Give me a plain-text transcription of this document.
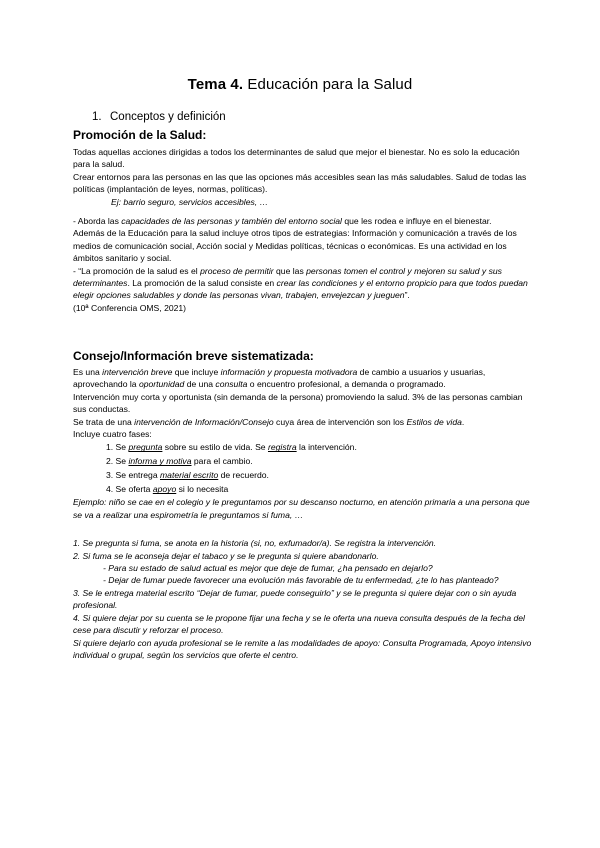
Tema 4. Educación para la Salud
1. Conceptos y definición
Promoción de la Salud:

Todas aquellas acciones dirigidas a todos los determinantes de salud que mejor el bienestar. No es solo la educación para la salud.

Crear entornos para las personas en las que las opciones más accesibles sean las más saludables. Salud de todas las políticas (implantación de leyes, normas, políticas).

Ej: barrio seguro, servicios accesibles, …

- Aborda las capacidades de las personas y también del entorno social que les rodea e influye en el bienestar.

Además de la Educación para la salud incluye otros tipos de estrategias: Información y comunicación a través de los medios de comunicación social, Acción social y Medidas políticas, técnicas o económicas. Es una actividad en los ámbitos sanitario y social.

- “La promoción de la salud es el proceso de permitir que las personas tomen el control y mejoren su salud y sus determinantes. La promoción de la salud consiste en crear las condiciones y el entorno propicio para que todos puedan elegir opciones saludables y donde las personas vivan, trabajen, envejezcan y jueguen”.

(10ª Conferencia OMS, 2021)

Consejo/Información breve sistematizada:

Es una intervención breve que incluye información y propuesta motivadora de cambio a usuarios y usuarias, aprovechando la oportunidad de una consulta o encuentro profesional, a demanda o programado.

Intervención muy corta y oportunista (sin demanda de la persona) promoviendo la salud. 3% de las personas cambian sus conductas.

Se trata de una intervención de Información/Consejo cuya área de intervención son los Estilos de vida.

Incluye cuatro fases:

1. Se pregunta sobre su estilo de vida. Se registra la intervención.
2. Se informa y motiva para el cambio.
3. Se entrega material escrito de recuerdo.
4. Se oferta apoyo si lo necesita

Ejemplo: niño se cae en el colegio y le preguntamos por su descanso nocturno, en atención primaria a una persona que se va a realizar una espirometría le preguntamos si fuma, …

1. Se pregunta si fuma, se anota en la historia (si, no, exfumador/a). Se registra la intervención.

2. Si fuma se le aconseja dejar el tabaco y se le pregunta si quiere abandonarlo.

- Para su estado de salud actual es mejor que deje de fumar, ¿ha pensado en dejarlo?

- Dejar de fumar puede favorecer una evolución más favorable de tu enfermedad, ¿te lo has planteado?

3. Se le entrega material escrito “Dejar de fumar, puede conseguirlo” y se le pregunta si quiere dejar con o sin ayuda profesional.

4. Si quiere dejar por su cuenta se le propone fijar una fecha y se le oferta una nueva consulta después de la fecha del cese para discutir y reforzar el proceso.

Si quiere dejarlo con ayuda profesional se le remite a las modalidades de apoyo: Consulta Programada, Apoyo intensivo individual o grupal, según los servicios que oferte el centro.
